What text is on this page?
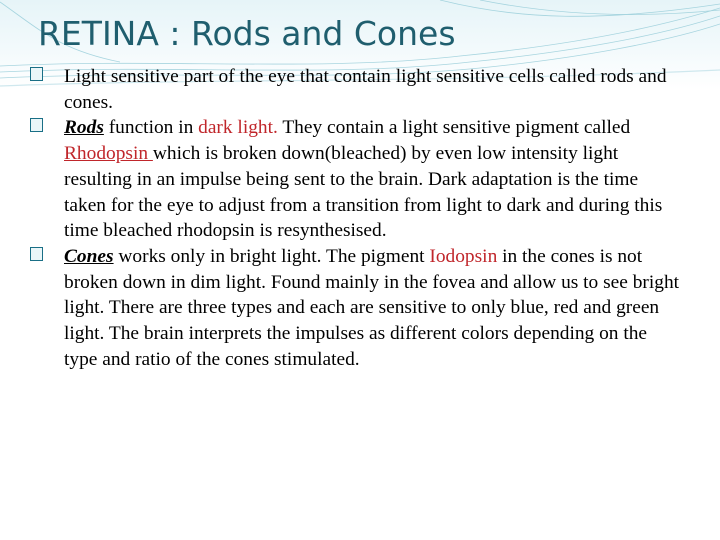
RETINA : Rods and Cones

Light sensitive part of the eye that contain light sensitive cells called rods and cones.

Rods function in dark light. They contain a light sensitive pigment called Rhodopsin which is broken down(bleached) by even low intensity light resulting in an impulse being sent to the brain. Dark adaptation is the time taken for the eye to adjust from a transition from light to dark and during this time bleached rhodopsin is resynthesised.

Cones works only in bright light. The pigment Iodopsin in the cones is not broken down in dim light. Found mainly in the fovea and allow us to see bright light. There are three types and each are sensitive to only blue, red and green light. The brain interprets the impulses as different colors depending on the type and ratio of the cones stimulated.
